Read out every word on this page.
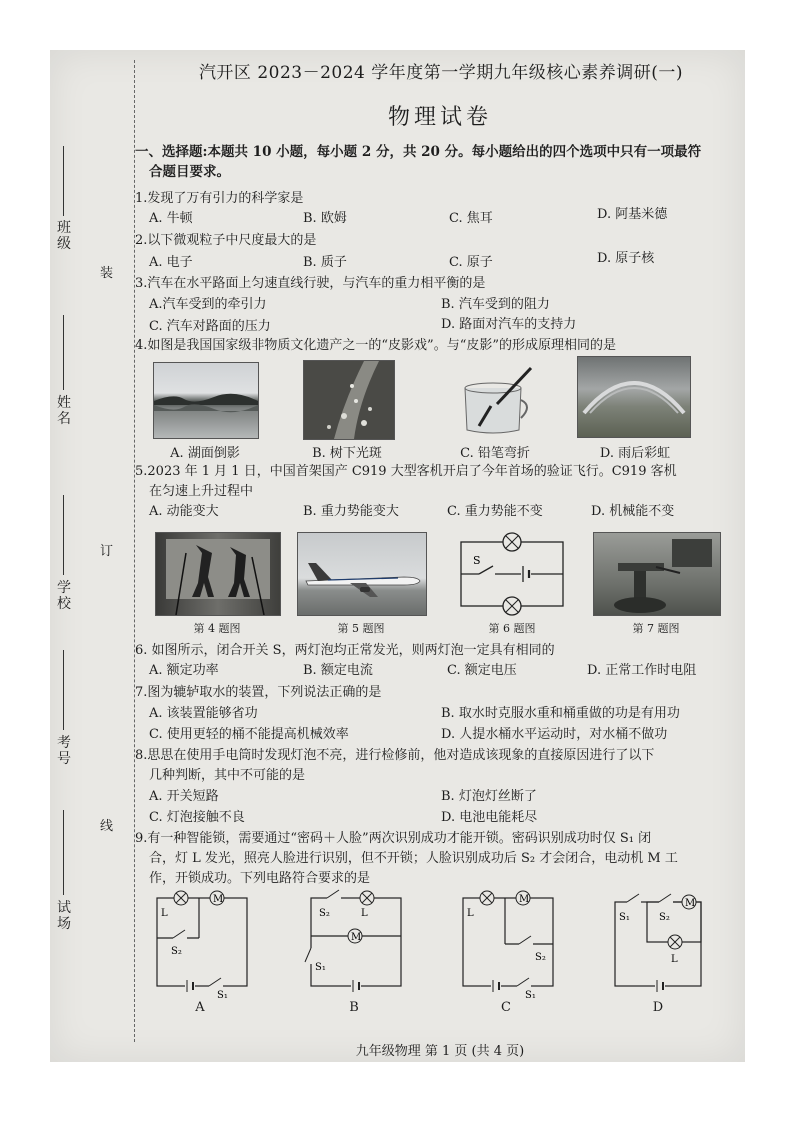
班级
姓名
学校
考号
试场
装
订
线
汽开区 2023－2024 学年度第一学期九年级核心素养调研(一)
物理试卷
一、选择题:本题共 10 小题，每小题 2 分，共 20 分。每小题给出的四个选项中只有一项最符
合题目要求。
1.发现了万有引力的科学家是
A. 牛顿	B. 欧姆	C. 焦耳	D. 阿基米德
2.以下微观粒子中尺度最大的是
A. 电子	B. 质子	C. 原子	D. 原子核
3.汽车在水平路面上匀速直线行驶，与汽车的重力相平衡的是
A.汽车受到的牵引力	B. 汽车受到的阻力
C. 汽车对路面的压力	D. 路面对汽车的支持力
4.如图是我国国家级非物质文化遗产之一的“皮影戏”。与“皮影”的形成原理相同的是
A. 湖面倒影	B. 树下光斑	C. 铅笔弯折	D. 雨后彩虹
5.2023 年 1 月 1 日，中国首架国产 C919 大型客机开启了今年首场的验证飞行。C919 客机
在匀速上升过程中
A. 动能变大	B. 重力势能变大	C. 重力势能不变	D. 机械能不变
S
第 4 题图	第 5 题图	第 6 题图	第 7 题图
6. 如图所示，闭合开关 S，两灯泡均正常发光，则两灯泡一定具有相同的
A. 额定功率	B. 额定电流	C. 额定电压	D. 正常工作时电阻
7.图为辘轳取水的装置，下列说法正确的是
A. 该装置能够省功	B. 取水时克服水重和桶重做的功是有用功
C. 使用更轻的桶不能提高机械效率	D. 人提水桶水平运动时，对水桶不做功
8.思思在使用手电筒时发现灯泡不亮，进行检修前，他对造成该现象的直接原因进行了以下
几种判断，其中不可能的是
A. 开关短路	B. 灯泡灯丝断了
C. 灯泡接触不良	D. 电池电能耗尽
9.有一种智能锁，需要通过“密码＋人脸”两次识别成功才能开锁。密码识别成功时仅 S₁ 闭
合，灯 L 发光，照亮人脸进行识别，但不开锁；人脸识别成功后 S₂ 才会闭合，电动机 M 工
作，开锁成功。下列电路符合要求的是
M
L
S₂
S₁
A
M
S₂	L
S₁
B
M
L
S₂
S₁
C
M
S₁	S₂
L
D
九年级物理 第 1 页 (共 4 页)
